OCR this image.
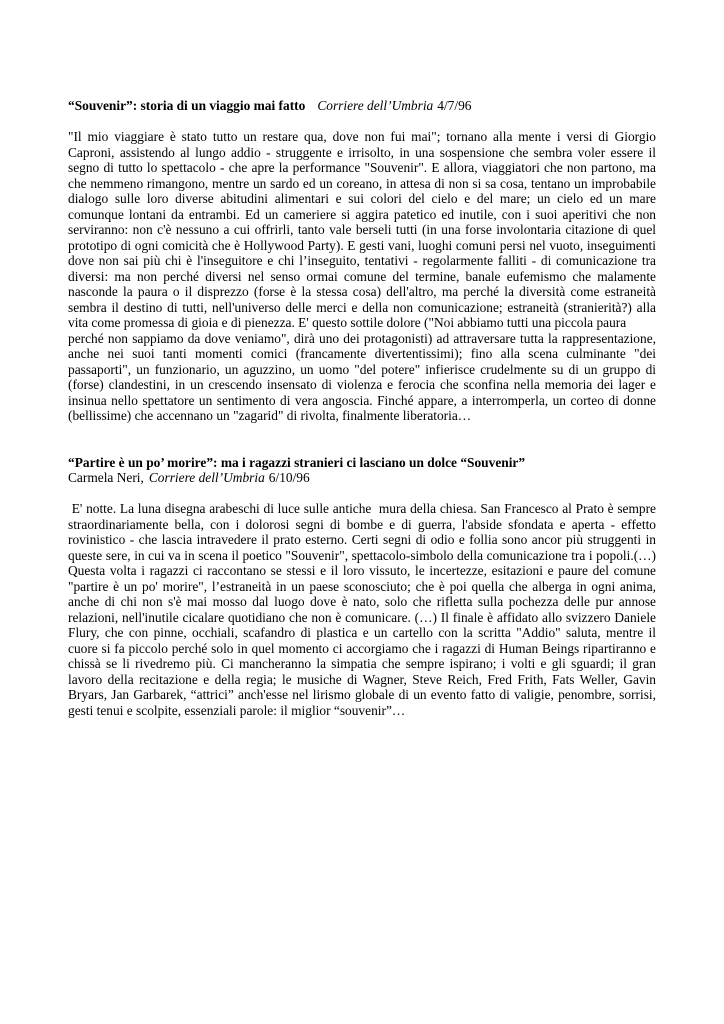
“Souvenir”: storia di un viaggio mai fatto Corriere dell’Umbria 4/7/96
"Il mio viaggiare è stato tutto un restare qua, dove non fui mai"; tornano alla mente i versi di Giorgio
Caproni, assistendo al lungo addio - struggente e irrisolto, in una sospensione che sembra voler essere il
segno di tutto lo spettacolo - che apre la performance "Souvenir". E allora, viaggiatori che non partono, ma
che nemmeno rimangono, mentre un sardo ed un coreano, in attesa di non si sa cosa, tentano un improbabile
dialogo sulle loro diverse abitudini alimentari e sui colori del cielo e del mare; un cielo ed un mare
comunque lontani da entrambi. Ed un cameriere si aggira patetico ed inutile, con i suoi aperitivi che non
serviranno: non c'è nessuno a cui offrirli, tanto vale berseli tutti (in una forse involontaria citazione di quel
prototipo di ogni comicità che è Hollywood Party). E gesti vani, luoghi comuni persi nel vuoto, inseguimenti
dove non sai più chi è l'inseguitore e chi l’inseguito, tentativi - regolarmente falliti - di comunicazione tra
diversi: ma non perché diversi nel senso ormai comune del termine, banale eufemismo che malamente
nasconde la paura o il disprezzo (forse è la stessa cosa) dell'altro, ma perché la diversità come estraneità
sembra il destino di tutti, nell'universo delle merci e della non comunicazione; estraneità (stranierità?) alla
vita come promessa di gioia e di pienezza. E' questo sottile dolore ("Noi abbiamo tutti una piccola paura
perché non sappiamo da dove veniamo", dirà uno dei protagonisti) ad attraversare tutta la rappresentazione,
anche nei suoi tanti momenti comici (francamente divertentissimi); fino alla scena culminante "dei
passaporti", un funzionario, un aguzzino, un uomo "del potere" infierisce crudelmente su di un gruppo di
(forse) clandestini, in un crescendo insensato di violenza e ferocia che sconfina nella memoria dei lager e
insinua nello spettatore un sentimento di vera angoscia. Finché appare, a interromperla, un corteo di donne
(bellissime) che accennano un "zagarid" di rivolta, finalmente liberatoria…
“Partire è un po’ morire”: ma i ragazzi stranieri ci lasciano un dolce “Souvenir”
Carmela Neri, Corriere dell’Umbria 6/10/96
E' notte. La luna disegna arabeschi di luce sulle antiche  mura della chiesa. San Francesco al Prato è sempre
straordinariamente bella, con i dolorosi segni di bombe e di guerra, l'abside sfondata e aperta - effetto
rovinistico - che lascia intravedere il prato esterno. Certi segni di odio e follia sono ancor più struggenti in
queste sere, in cui va in scena il poetico "Souvenir", spettacolo-simbolo della comunicazione tra i popoli.(…)
Questa volta i ragazzi ci raccontano se stessi e il loro vissuto, le incertezze, esitazioni e paure del comune
"partire è un po' morire", l’estraneità in un paese sconosciuto; che è poi quella che alberga in ogni anima,
anche di chi non s'è mai mosso dal luogo dove è nato, solo che rifletta sulla pochezza delle pur annose
relazioni, nell'inutile cicalare quotidiano che non è comunicare. (…) Il finale è affidato allo svizzero Daniele
Flury, che con pinne, occhiali, scafandro di plastica e un cartello con la scritta "Addio" saluta, mentre il
cuore si fa piccolo perché solo in quel momento ci accorgiamo che i ragazzi di Human Beings ripartiranno e
chissà se li rivedremo più. Ci mancheranno la simpatia che sempre ispirano; i volti e gli sguardi; il gran
lavoro della recitazione e della regia; le musiche di Wagner, Steve Reich, Fred Frith, Fats Weller, Gavin
Bryars, Jan Garbarek, “attrici” anch'esse nel lirismo globale di un evento fatto di valigie, penombre, sorrisi,
gesti tenui e scolpite, essenziali parole: il miglior “souvenir”…
